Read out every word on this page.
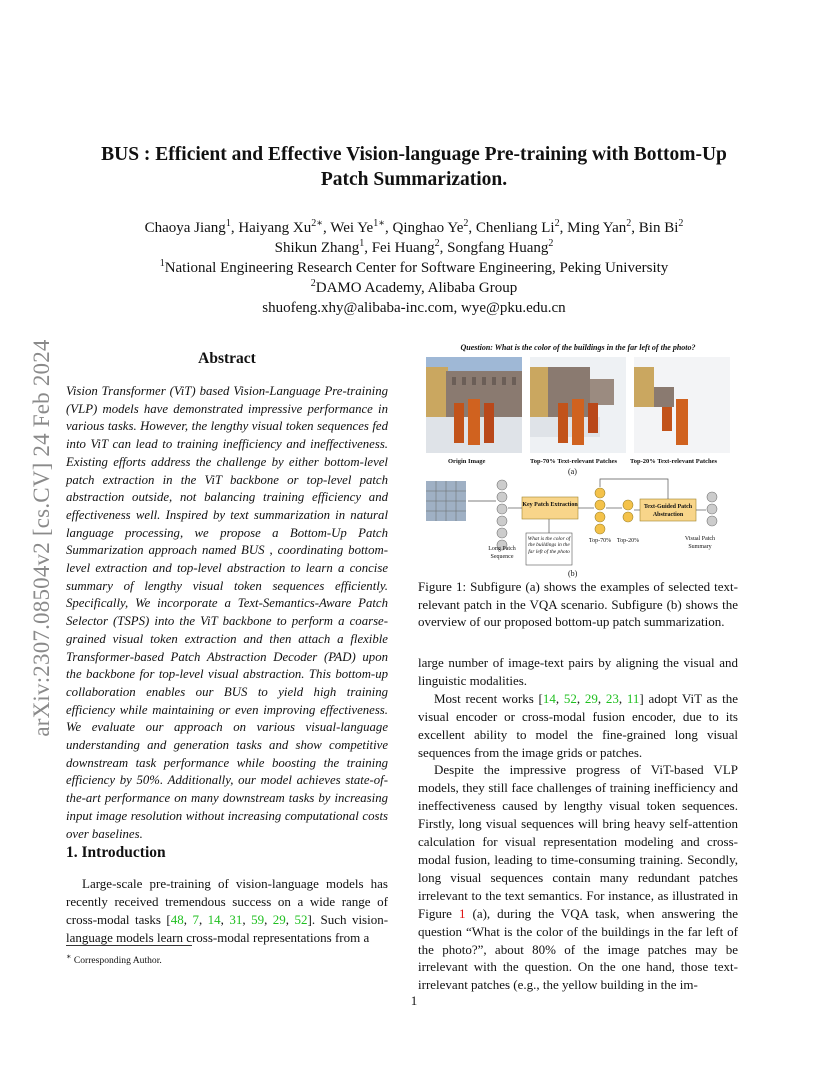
arXiv:2307.08504v2 [cs.CV] 24 Feb 2024
BUS : Efficient and Effective Vision-language Pre-training with Bottom-Up
Patch Summarization.
Chaoya Jiang$^1$, Haiyang $Xu^{2∗}$, Wei $Ye^{1∗}$, Qinghao Ye$^2$, Chenliang Li$^2$, Ming Yan$^2$, Bin Bi$^2$
Shikun Zhang$^1$, Fei Huang$^2$, Songfang Huang$^2$
$^1$National Engineering Research Center for Software Engineering, Peking University
$^2$DAMO Academy, Alibaba Group
shuofeng.xhy@alibaba-inc.com, wye@pku.edu.cn
Abstract
Vision Transformer (ViT) based Vision-Language Pre-training (VLP) models have demonstrated impressive performance in various tasks. However, the lengthy visual token sequences fed into ViT can lead to training inefficiency and ineffectiveness. Existing efforts address the challenge by either bottom-level patch extraction in the ViT backbone or top-level patch abstraction outside, not balancing training efficiency and effectiveness well. Inspired by text summarization in natural language processing, we propose a Bottom-Up Patch Summarization approach named BUS , coordinating bottom-level extraction and top-level abstraction to learn a concise summary of lengthy visual token sequences efficiently. Specifically, We incorporate a Text-Semantics-Aware Patch Selector (TSPS) into the ViT backbone to perform a coarse-grained visual token extraction and then attach a flexible Transformer-based Patch Abstraction Decoder (PAD) upon the backbone for top-level visual abstraction. This bottom-up collaboration enables our BUS to yield high training efficiency while maintaining or even improving effectiveness. We evaluate our approach on various visual-language understanding and generation tasks and show competitive downstream task performance while boosting the training efficiency by 50%. Additionally, our model achieves state-of-the-art performance on many downstream tasks by increasing input image resolution without increasing computational costs over baselines.
1. Introduction

Large-scale pre-training of vision-language models has recently received tremendous success on a wide range of cross-modal tasks [48, 7, 14, 31, 59, 29, 52]. Such vision-language models learn cross-modal representations from a

∗ Corresponding Author.
Question: What is the color of the buildings in the far left of the photo?
Origin Image	Top-70% Text-relevant Patches Top-20% Text-relevant Patches
(a)
Key Patch Extraction	Text-Guided Patch Abstraction
Long Patch Sequence
What is the color of the buildings in the far left of the photo
Top-70% Top-20%	Visual Patch Summary
(b)
Figure 1: Subfigure (a) shows the examples of selected text-relevant patch in the VQA scenario. Subfigure (b) shows the overview of our proposed bottom-up patch summarization.

large number of image-text pairs by aligning the visual and linguistic modalities.

Most recent works [14, 52, 29, 23, 11] adopt ViT as the visual encoder or cross-modal fusion encoder, due to its excellent ability to model the fine-grained long visual sequences from the image grids or patches.

Despite the impressive progress of ViT-based VLP models, they still face challenges of training inefficiency and ineffectiveness caused by lengthy visual token sequences. Firstly, long visual sequences will bring heavy self-attention calculation for visual representation modeling and cross-modal fusion, leading to time-consuming training. Secondly, long visual sequences contain many redundant patches irrelevant to the text semantics. For instance, as illustrated in Figure 1 (a), during the VQA task, when answering the question “What is the color of the buildings in the far left of the photo?”, about 80% of the image patches may be irrelevant with the question. On the one hand, those text-irrelevant patches (e.g., the yellow building in the im-

1
